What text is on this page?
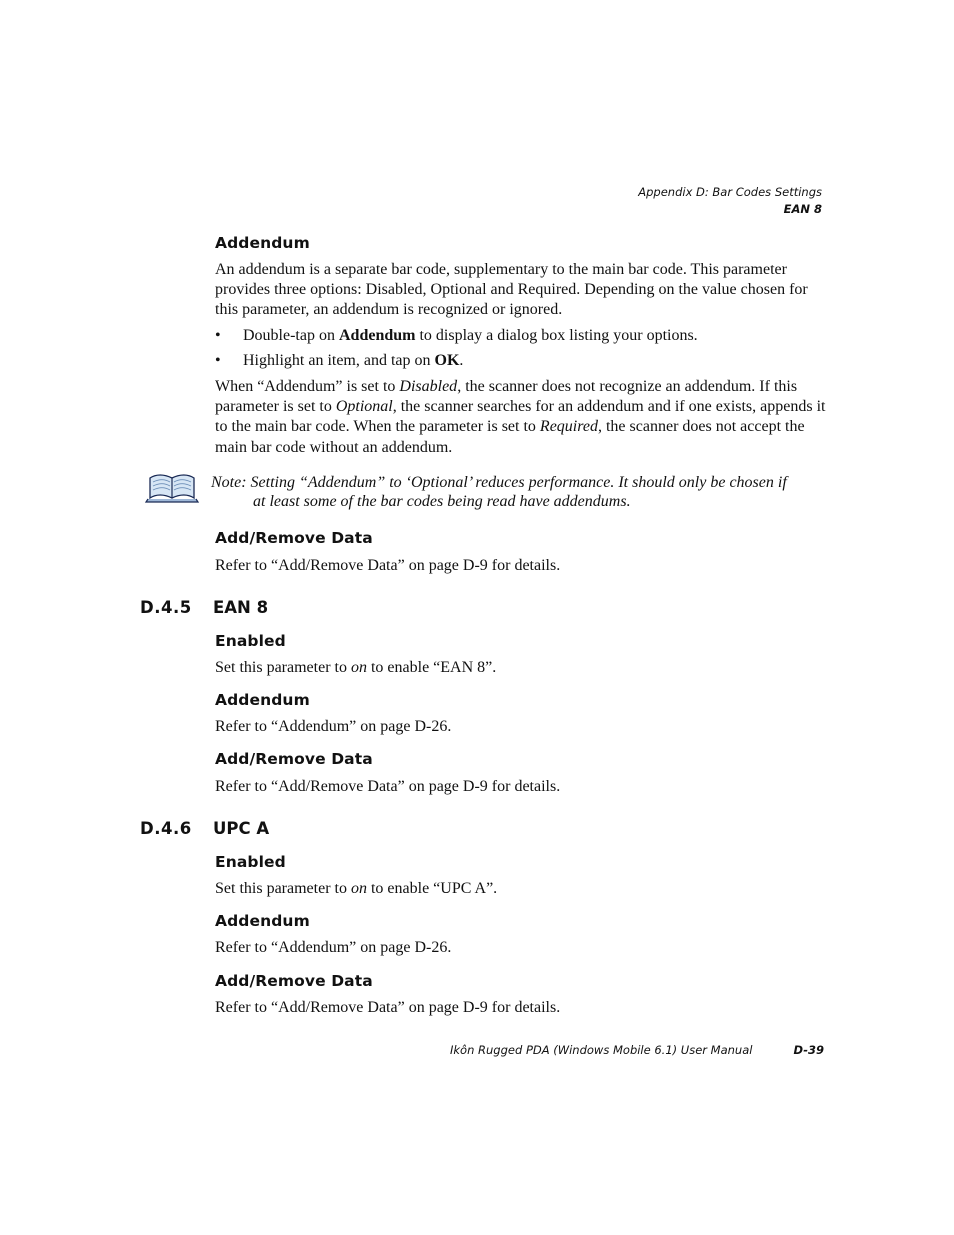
Appendix D: Bar Codes Settings
EAN 8
Addendum
An addendum is a separate bar code, supplementary to the main bar code. This parameter provides three options: Disabled, Optional and Required. Depending on the value chosen for this parameter, an addendum is recognized or ignored.
• Double-tap on Addendum to display a dialog box listing your options.
• Highlight an item, and tap on OK.
When “Addendum” is set to Disabled, the scanner does not recognize an addendum. If this parameter is set to Optional, the scanner searches for an addendum and if one exists, appends it to the main bar code. When the parameter is set to Required, the scanner does not accept the main bar code without an addendum.
Note: Setting “Addendum” to ‘Optional’ reduces performance. It should only be chosen if
at least some of the bar codes being read have addendums.
Add/Remove Data
Refer to “Add/Remove Data” on page D-9 for details.
D.4.5 EAN 8
Enabled
Set this parameter to on to enable “EAN 8”.
Addendum
Refer to “Addendum” on page D-26.
Add/Remove Data
Refer to “Add/Remove Data” on page D-9 for details.
D.4.6 UPC A
Enabled
Set this parameter to on to enable “UPC A”.
Addendum
Refer to “Addendum” on page D-26.
Add/Remove Data
Refer to “Add/Remove Data” on page D-9 for details.
Ikôn Rugged PDA (Windows Mobile 6.1) User Manual	D-39
